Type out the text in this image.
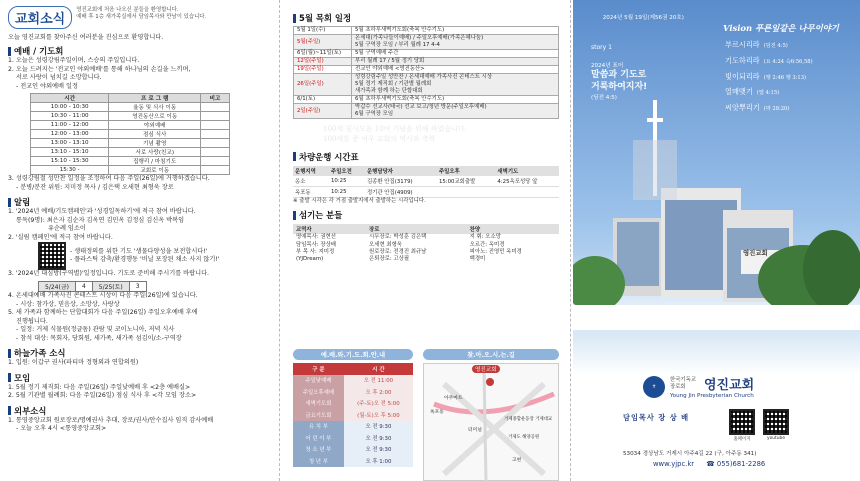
교회소식
영진교회에 처음 나오신 분들을 환영합니다.
예배 후 1층 새가족실에서 담임목사와 만남이 있습니다.
오늘 영진교회를 찾아주신 여러분을 진심으로 환영합니다.
예배 / 기도회
1. 오늘은 성령강림주일이며, 스승의 주일입니다.
2. 오늘 드려지는 '전교인 야외예배'를 통해 하나님의 손길을 느끼며,
서로 사랑이 넘치길 소망합니다.
- 전교인 야외예배 일정
시간	프 로 그 램	비고
10:00 - 10:30	율동 및 식사 이동	
10:30 - 11:00	영진동산으로 이동	
11:00 - 12:00	야외예배	
12:00 - 13:00	점심 식사	
13:00 - 13:10	기념 촬영	
13:10 - 15:10	서로 사랑(친교)	
15:10 - 15:30	집행리 / 마침기도	
15:30 -	교회로 이동	
3. 성령강림절 성만찬 일정을 조정하여 다음 주일(26일)에 거행하겠습니다.
- 분병/분잔 위원: 지미정 목사 / 김은택 오세현 최형욱 장로
알림
1. '2024년 예배/기도캠페인'과 '성경일독하기'에 적극 참여 바랍니다.
통독(9명): 최은자 김순자 김옥연 김민옥 김정심 김신옥 박복임
유순례 임소이
2. '실림 캠페인'에 적극 참여 바랍니다.
- 생태정의를 위한 기도 '생물다양성을 보전합시다!'
- 플라스틱 감축/환경행동 '비닐 포장된 채소 사지 않기!'
3. '2024년 대심방(구역별)'일정입니다. 기도로 준비해 주시기를 바랍니다.
5/24(금)	4	5/25(토)	3
4. 온세대예배 가족사진 콘테스트 시상이 다음 주일(26일)에 있습니다.
- 시상: 참가상, 믿음상, 소망상, 사랑상
5. 새 가족과 함께하는 단합대회가 다음 주일(26일) 주일오후예배 후에
진행됩니다.
- 일정: 거제 식물원(정글돔) 관람 및 코이노니아, 저녁 식사
- 참석 대상: 목회자, 당회원, 새가족, 새가족 섬김이/소-구역장
하늘가족 소식
1. 입원: 이갑구 권사(파티마 정형외과 연합의원)
모임
1. 5월 정기 제직회: 다음 주일(26일) 주일낮예배 후 <2층 예배실>
2. 5월 기관별 월례회: 다음 주일(26일) 점심 식사 후 <각 모임 장소>
외부소식
1. 통영중앙교회 원로장로/명예권사 추대, 장로/권사/안수집사 임직 감사예배
- 오늘 오후 4시 <통영중앙교회>
5월 목회 일정
5월 1일(수)	5월 초하루새벽기도회(축복 안수기도)
5월(주일)	온세대(가족나들이예배) / 주일오후예배(가족은혜나눔)
5월 구역장 모임 / 부리 월례 17 4-4
6일(월)~11일(토)	5월 구역예배 주간
12일(주일)	부리 월례 17 / 5월 정기 당회
19일(주일)	전교인 야외예배 <영진동산>
26일(주일)	성령강림주일 성만찬 / 온세대예배 가족사진 콘테스트 시상
5월 정기 제직회 / 기관별 월례회
새가족과 함께 하는 단합대회
6/1(토)	6월 초하루새벽기도회(축복 안수기도)
2일(주일)	박갑수 선교사(태국) 선교 보고/청년 방문(주일오후예배)
6월 구역장 모임
100세 필사모음 10여 기념을 위해 하였습니다.
100세를 준 여우 교회의 역사와 축복
차량운행 시간표
운행지역	주일오전	운행담당자	주일오후	새벽기도
옹소	10:25	김종환 안집(3179)	15:00교회출발	4:25옥포성당 앞
옥포동	10:25	정기관 안집(4909)		
※ 출발 시각은 각 거점 출발지에서 출발하는 시각입니다.
섬기는 분들
교역자	장로	찬양
명예목사: 권현선	시무장로: 박성훈 김은택	지 휘: 오소망
담임목사: 장상배	오세현 최형욱	오르간: 옥미경
부 목 사: 지미정
(YJDream)	원로장로: 전경진 최규남
은퇴장로: 고상필	피아노: 진영민 옥미경
백경미
예.배.와.기.도.회.안.내
구 분	시 간
주일낮예배	오 전 11:00
주일오후예배	오 후 2:00
새벽기도회	(주-토)오 전 5:00
금요기도회	(월-토)오 후 5:00
유 치 부	오 전 9:30
어 린 이 부	오 전 9:30
청 소 년 부	오 전 9:30
청 년 부	오 후 1:00
찾.아.오.시.는.길
영진교회
옥포동
아주마트
거제종합운동장 거제대교
거제도 해양공원
고현
터미널
2024년 5월 19일(제56권 20호)
Vision 푸른잎같은 나무이야기
story 1
2024년 표어
말씀과 기도로
거룩하여지자!
(딤전 4:5)
부르시리라 (딤전 4:5)
기도하리라 (요 4:24 슥6:56,58)
빛이되리라 (행 2:46 행 3:13)
열매맺기 (엡 4:15)
씨앗뿌리기 (막 28:20)
영진교회
✝
한국기독교 장로회	영진교회
Young Jin Presbyterian Church
담임목사 장 상 배
홈페이지	youtube
53034 경상남도 거제시 아주4길 22 (구, 아주동 341)
www.yjpc.kr ☎ 055)681-2286
